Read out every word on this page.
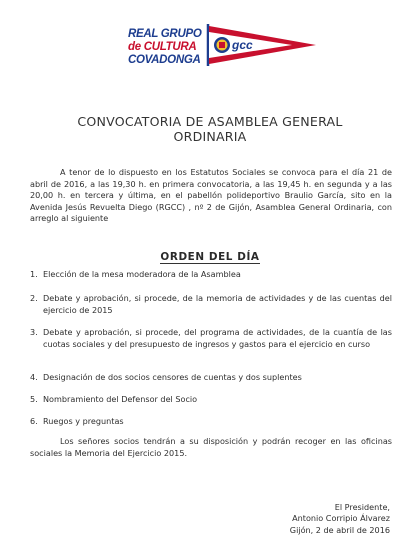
REAL GRUPO
de CULTURA
COVADONGA
gcc
CONVOCATORIA DE ASAMBLEA GENERAL
ORDINARIA
A tenor de lo dispuesto en los Estatutos Sociales se convoca para el día 21 de abril de 2016, a las 19,30 h. en primera convocatoria, a las 19,45 h. en segunda y a las 20,00 h. en tercera y última, en el pabellón polideportivo Braulio García, sito en la Avenida Jesús Revuelta Diego (RGCC) , nº 2 de Gijón, Asamblea General Ordinaria, con arreglo al siguiente
ORDEN DEL DÍA
1. Elección de la mesa moderadora de la Asamblea
2. Debate y aprobación, si procede, de la memoria de actividades y de las cuentas del ejercicio de 2015
3. Debate y aprobación, si procede, del programa de actividades, de la cuantía de las cuotas sociales y del presupuesto de ingresos y gastos para el ejercicio en curso
4. Designación de dos socios censores de cuentas y dos suplentes
5. Nombramiento del Defensor del Socio
6. Ruegos y preguntas
Los señores socios tendrán a su disposición y podrán recoger en las oficinas sociales la Memoria del Ejercicio 2015.
El Presidente,
Antonio Corripio Álvarez
Gijón, 2 de abril de 2016
